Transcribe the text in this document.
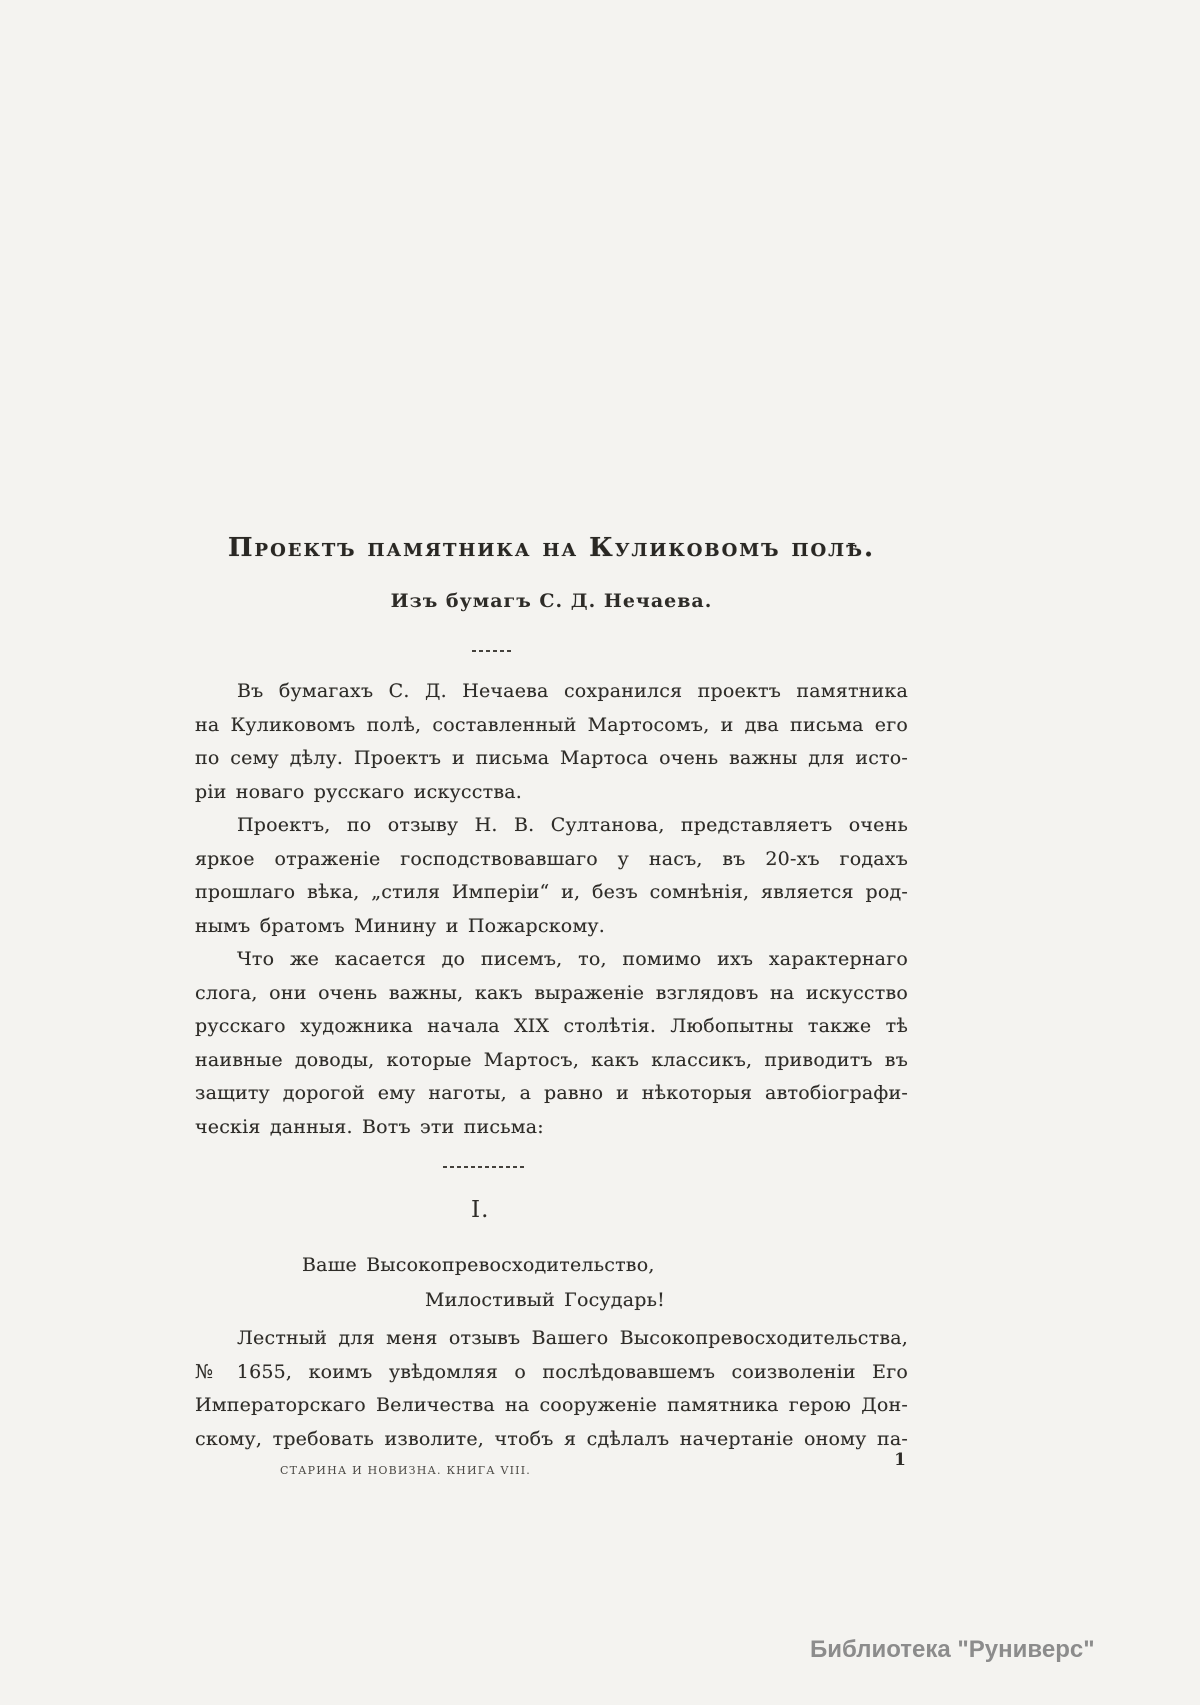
Проектъ памятника на Куликовомъ полѣ.
Изъ бумагъ С. Д. Нечаева.
Въ бумагахъ С. Д. Нечаева сохранился проектъ памятника
на Куликовомъ полѣ, составленный Мартосомъ, и два письма его
по сему дѣлу. Проектъ и письма Мартоса очень важны для исто-
ріи новаго русскаго искусства.
Проектъ, по отзыву Н. В. Султанова, представляетъ очень
яркое отраженіе господствовавшаго у насъ, въ 20-хъ годахъ
прошлаго вѣка, „стиля Имперіи“ и, безъ сомнѣнія, является род-
нымъ братомъ Минину и Пожарскому.
Что же касается до писемъ, то, помимо ихъ характернаго
слога, они очень важны, какъ выраженіе взглядовъ на искусство
русскаго художника начала XIX столѣтія. Любопытны также тѣ
наивные доводы, которые Мартосъ, какъ классикъ, приводитъ въ
защиту дорогой ему наготы, а равно и нѣкоторыя автобіографи-
ческія данныя. Вотъ эти письма:
I.
Ваше Высокопревосходительство,
Милостивый Государь!
Лестный для меня отзывъ Вашего Высокопревосходительства,
№ 1655, коимъ увѣдомляя о послѣдовавшемъ соизволеніи Его
Императорскаго Величества на сооруженіе памятника герою Дон-
скому, требовать изволите, чтобъ я сдѣлалъ начертаніе оному па-
СТАРИНА И НОВИЗНА. КНИГА VIII.
1
Библиотека "Руниверс"
